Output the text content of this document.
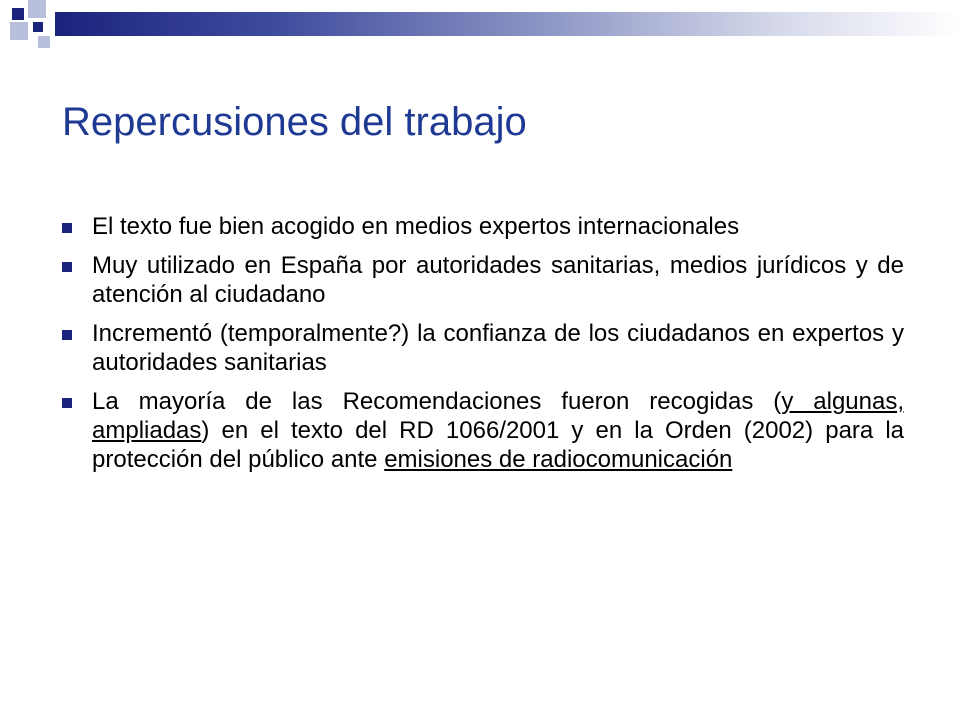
Repercusiones del trabajo
El texto fue bien acogido en medios expertos internacionales
Muy utilizado en España por autoridades sanitarias, medios jurídicos y de atención al ciudadano
Incrementó (temporalmente?) la confianza de los ciudadanos en expertos y autoridades sanitarias
La mayoría de las Recomendaciones fueron recogidas (y algunas, ampliadas) en el texto del RD 1066/2001 y en la Orden (2002) para la protección del público ante emisiones de radiocomunicación
